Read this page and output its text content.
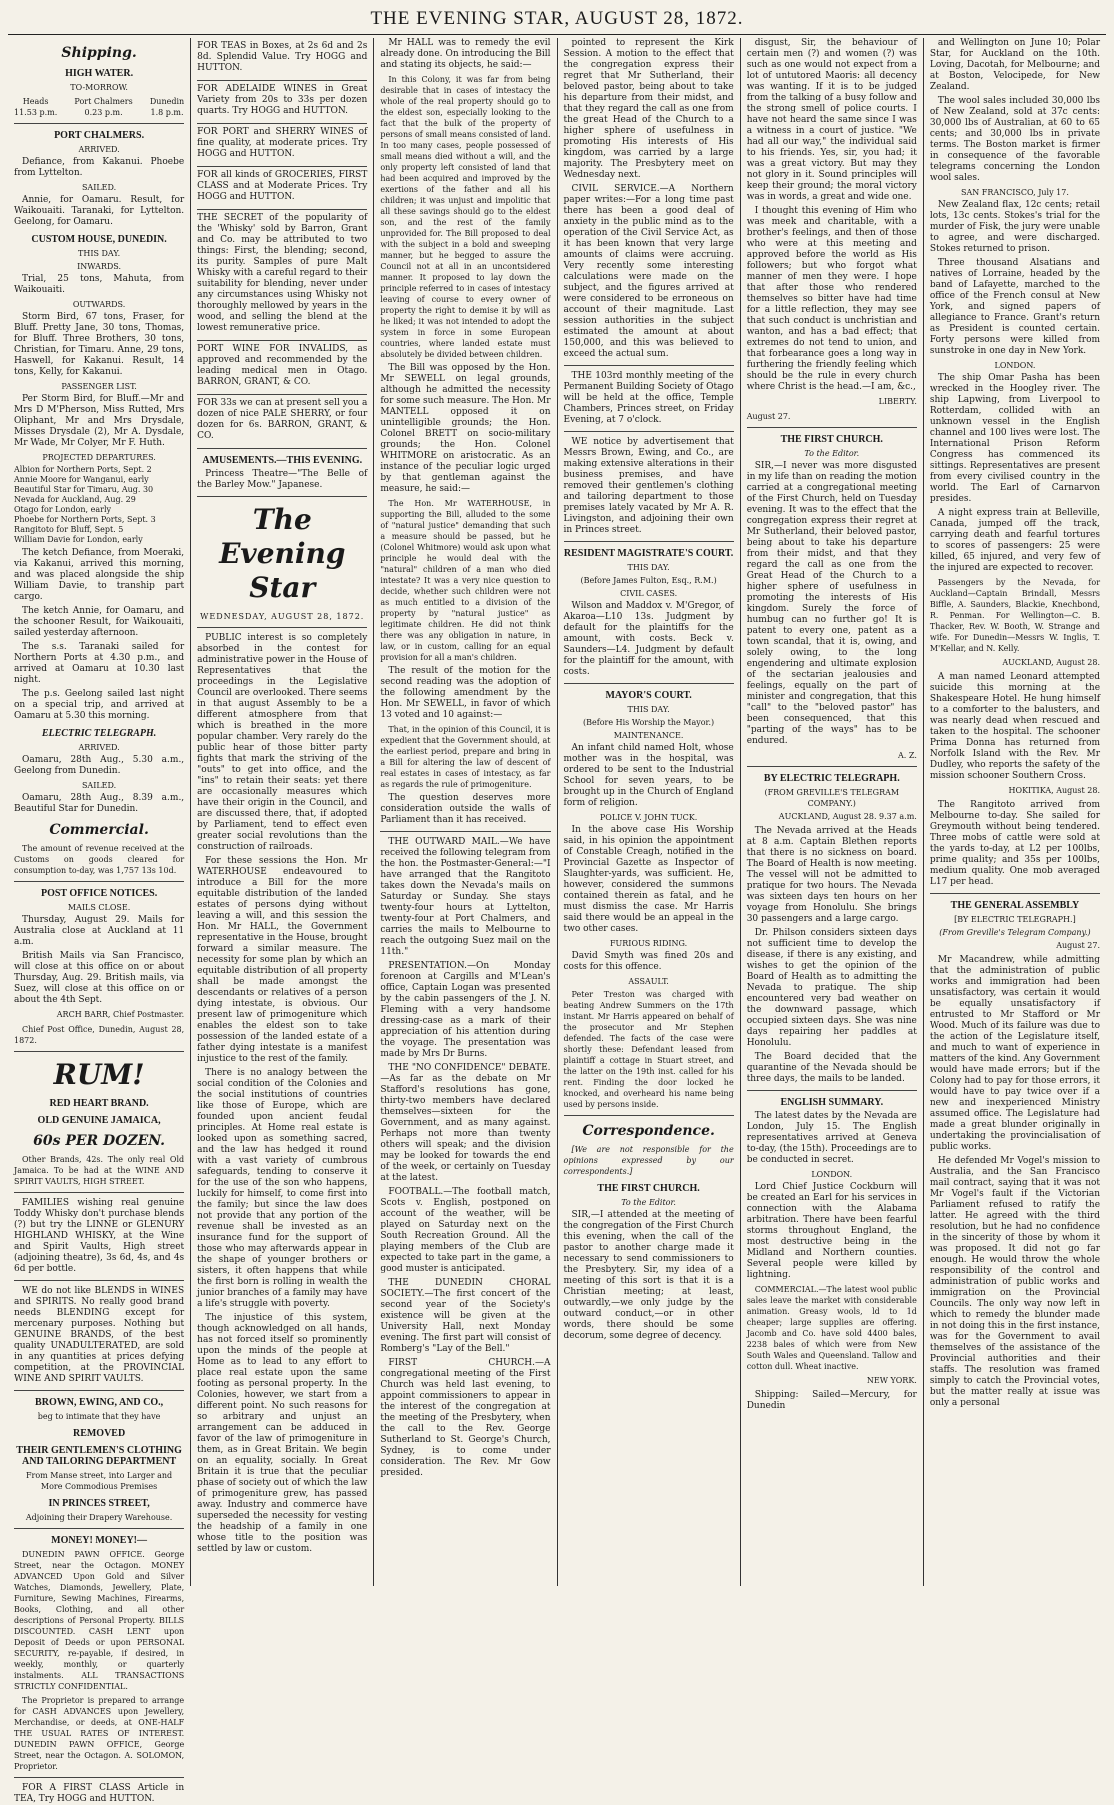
THE EVENING STAR, AUGUST 28, 1872.
Shipping.
HIGH WATER.
TO-MORROW.
Heads
11.53 p.m.
Port Chalmers
0.23 p.m.
Dunedin
1.8 p.m.
PORT CHALMERS.
ARRIVED.

Defiance, from Kakanui. Phoebe from Lyttelton.

SAILED.

Annie, for Oamaru. Result, for Waikouaiti. Taranaki, for Lyttelton. Geelong, for Oamaru.

CUSTOM HOUSE, DUNEDIN.
THIS DAY.
INWARDS.

Trial, 25 tons, Mahuta, from Waikouaiti.

OUTWARDS.

Storm Bird, 67 tons, Fraser, for Bluff. Pretty Jane, 30 tons, Thomas, for Bluff. Three Brothers, 30 tons, Christian, for Timaru. Anne, 29 tons, Haswell, for Kakanui. Result, 14 tons, Kelly, for Kakanui.

PASSENGER LIST.

Per Storm Bird, for Bluff.—Mr and Mrs D M'Pherson, Miss Rutted, Mrs Oliphant, Mr and Mrs Drysdale, Misses Drysdale (2), Mr A. Dysdale, Mr Wade, Mr Colyer, Mr F. Huth.

PROJECTED DEPARTURES.
Albion for Northern Ports, Sept. 2
Annie Moore for Wanganui, early
Beautiful Star for Timaru, Aug. 30
Nevada for Auckland, Aug. 29
Otago for London, early
Phoebe for Northern Ports, Sept. 3
Rangitoto for Bluff, Sept. 5
William Davie for London, early

The ketch Defiance, from Moeraki, via Kakanui, arrived this morning, and was placed alongside the ship William Davie, to tranship part cargo.

The ketch Annie, for Oamaru, and the schooner Result, for Waikouaiti, sailed yesterday afternoon.

The s.s. Taranaki sailed for Northern Ports at 4.30 p.m., and arrived at Oamaru at 10.30 last night.

The p.s. Geelong sailed last night on a special trip, and arrived at Oamaru at 5.30 this morning.

ELECTRIC TELEGRAPH.
ARRIVED.

Oamaru, 28th Aug., 5.30 a.m., Geelong from Dunedin.

SAILED.

Oamaru, 28th Aug., 8.39 a.m., Beautiful Star for Dunedin.

Commercial.

The amount of revenue received at the Customs on goods cleared for consumption to-day, was 1,757 13s 10d.

POST OFFICE NOTICES.
MAILS CLOSE.

Thursday, August 29. Mails for Australia close at Auckland at 11 a.m.

British Mails via San Francisco, will close at this office on or about Thursday, Aug. 29. British mails, via Suez, will close at this office on or about the 4th Sept.

ARCH BARR, Chief Postmaster.

Chief Post Office, Dunedin, August 28, 1872.

RUM!
RED HEART BRAND.
OLD GENUINE JAMAICA,
60s PER DOZEN.

Other Brands, 42s. The only real Old Jamaica. To be had at the WINE AND SPIRIT VAULTS, HIGH STREET.

FAMILIES wishing real genuine Toddy Whisky don't purchase blends (?) but try the LINNE or GLENURY HIGHLAND WHISKY, at the Wine and Spirit Vaults, High street (adjoining theatre), 3s 6d, 4s, and 4s 6d per bottle.

WE do not like BLENDS in WINES and SPIRITS. No really good brand needs BLENDING except for mercenary purposes. Nothing but GENUINE BRANDS, of the best quality UNADULTERATED, are sold in any quantities at prices defying competition, at the PROVINCIAL WINE AND SPIRIT VAULTS.

BROWN, EWING, AND CO.,
beg to intimate that they have
REMOVED
THEIR GENTLEMEN'S CLOTHING AND TAILORING DEPARTMENT
From Manse street, into Larger and More Commodious Premises
IN PRINCES STREET,
Adjoining their Drapery Warehouse.
MONEY! MONEY!—

DUNEDIN PAWN OFFICE. George Street, near the Octagon. MONEY ADVANCED Upon Gold and Silver Watches, Diamonds, Jewellery, Plate, Furniture, Sewing Machines, Firearms, Books, Clothing, and all other descriptions of Personal Property. BILLS DISCOUNTED. CASH LENT upon Deposit of Deeds or upon PERSONAL SECURITY, re-payable, if desired, in weekly, monthly, or quarterly instalments. ALL TRANSACTIONS STRICTLY CONFIDENTIAL.

The Proprietor is prepared to arrange for CASH ADVANCES upon Jewellery, Merchandise, or deeds, at ONE-HALF THE USUAL RATES OF INTEREST. DUNEDIN PAWN OFFICE, George Street, near the Octagon. A. SOLOMON, Proprietor.

FOR A FIRST CLASS Article in TEA, Try HOGG and HUTTON.

FOR TEAS in Boxes, at 2s 6d and 2s 8d. Splendid Value. Try HOGG and HUTTON.

FOR ADELAIDE WINES in Great Variety from 20s to 33s per dozen quarts. Try HOGG and HUTTON.

FOR PORT and SHERRY WINES of fine quality, at moderate prices. Try HOGG and HUTTON.

FOR all kinds of GROCERIES, FIRST CLASS and at Moderate Prices. Try HOGG and HUTTON.

THE SECRET of the popularity of the 'Whisky' sold by Barron, Grant and Co. may be attributed to two things: First, the blending; second, its purity. Samples of pure Malt Whisky with a careful regard to their suitability for blending, never under any circumstances using Whisky not thoroughly mellowed by years in the wood, and selling the blend at the lowest remunerative price.

PORT WINE FOR INVALIDS, as approved and recommended by the leading medical men in Otago. BARRON, GRANT, & CO.

FOR 33s we can at present sell you a dozen of nice PALE SHERRY, or four dozen for 6s. BARRON, GRANT, & CO.

AMUSEMENTS.—THIS EVENING.

Princess Theatre—"The Belle of the Barley Mow." Japanese.

The Evening Star
WEDNESDAY, AUGUST 28, 1872.

PUBLIC interest is so completely absorbed in the contest for administrative power in the House of Representatives that the proceedings in the Legislative Council are overlooked. There seems in that august Assembly to be a different atmosphere from that which is breathed in the more popular chamber. Very rarely do the public hear of those bitter party fights that mark the striving of the "outs" to get into office, and the "ins" to retain their seats: yet there are occasionally measures which have their origin in the Council, and are discussed there, that, if adopted by Parliament, tend to effect even greater social revolutions than the construction of railroads.

For these sessions the Hon. Mr WATERHOUSE endeavoured to introduce a Bill for the more equitable distribution of the landed estates of persons dying without leaving a will, and this session the Hon. Mr HALL, the Government representative in the House, brought forward a similar measure. The necessity for some plan by which an equitable distribution of all property shall be made amongst the descendants or relatives of a person dying intestate, is obvious. Our present law of primogeniture which enables the eldest son to take possession of the landed estate of a father dying intestate is a manifest injustice to the rest of the family.

There is no analogy between the social condition of the Colonies and the social institutions of countries like those of Europe, which are founded upon ancient feudal principles. At Home real estate is looked upon as something sacred, and the law has hedged it round with a vast variety of cumbrous safeguards, tending to conserve it for the use of the son who happens, luckily for himself, to come first into the family; but since the law does not provide that any portion of the revenue shall be invested as an insurance fund for the support of those who may afterwards appear in the shape of younger brothers or sisters, it often happens that while the first born is rolling in wealth the junior branches of a family may have a life's struggle with poverty.

The injustice of this system, though acknowledged on all hands, has not forced itself so prominently upon the minds of the people at Home as to lead to any effort to place real estate upon the same footing as personal property. In the Colonies, however, we start from a different point. No such reasons for so arbitrary and unjust an arrangement can be adduced in favor of the law of primogeniture in them, as in Great Britain. We begin on an equality, socially. In Great Britain it is true that the peculiar phase of society out of which the law of primogeniture grew, has passed away. Industry and commerce have superseded the necessity for vesting the headship of a family in one whose title to the position was settled by law or custom.

Mr HALL was to remedy the evil already done. On introducing the Bill and stating its objects, he said:—

In this Colony, it was far from being desirable that in cases of intestacy the whole of the real property should go to the eldest son, especially looking to the fact that the bulk of the property of persons of small means consisted of land. In too many cases, people possessed of small means died without a will, and the only property left consisted of land that had been acquired and improved by the exertions of the father and all his children; it was unjust and impolitic that all these savings should go to the eldest son, and the rest of the family unprovided for. The Bill proposed to deal with the subject in a bold and sweeping manner, but he begged to assure the Council not at all in an uncontsidered manner. It proposed to lay down the principle referred to in cases of intestacy leaving of course to every owner of property the right to demise it by will as he liked; it was not intended to adopt the system in force in some European countries, where landed estate must absolutely be divided between children.

The Bill was opposed by the Hon. Mr SEWELL on legal grounds, although he admitted the necessity for some such measure. The Hon. Mr MANTELL opposed it on unintelligible grounds; the Hon. Colonel BRETT on socio-military grounds; the Hon. Colonel WHITMORE on aristocratic. As an instance of the peculiar logic urged by that gentleman against the measure, he said:—

The Hon. Mr WATERHOUSE, in supporting the Bill, alluded to the some of "natural justice" demanding that such a measure should be passed, but he (Colonel Whitmore) would ask upon what principle he would deal with the "natural" children of a man who died intestate? It was a very nice question to decide, whether such children were not as much entitled to a division of the property by "natural justice" as legitimate children. He did not think there was any obligation in nature, in law, or in custom, calling for an equal provision for all a man's children.

The result of the motion for the second reading was the adoption of the following amendment by the Hon. Mr SEWELL, in favor of which 13 voted and 10 against:—

That, in the opinion of this Council, it is expedient that the Government should, at the earliest period, prepare and bring in a Bill for altering the law of descent of real estates in cases of intestacy, as far as regards the rule of primogeniture.

The question deserves more consideration outside the walls of Parliament than it has received.

THE OUTWARD MAIL.—We have received the following telegram from the hon. the Postmaster-General:—"I have arranged that the Rangitoto takes down the Nevada's mails on Saturday or Sunday. She stays twenty-four hours at Lyttelton, twenty-four at Port Chalmers, and carries the mails to Melbourne to reach the outgoing Suez mail on the 11th."

PRESENTATION.—On Monday forenoon at Cargills and M'Lean's office, Captain Logan was presented by the cabin passengers of the J. N. Fleming with a very handsome dressing-case as a mark of their appreciation of his attention during the voyage. The presentation was made by Mrs Dr Burns.

THE "NO CONFIDENCE" DEBATE.—As far as the debate on Mr Stafford's resolutions has gone, thirty-two members have declared themselves—sixteen for the Government, and as many against. Perhaps not more than twenty others will speak; and the division may be looked for towards the end of the week, or certainly on Tuesday at the latest.

FOOTBALL.—The football match, Scots v. English, postponed on account of the weather, will be played on Saturday next on the South Recreation Ground. All the playing members of the Club are expected to take part in the game, a good muster is anticipated.

THE DUNEDIN CHORAL SOCIETY.—The first concert of the second year of the Society's existence will be given at the University Hall, next Monday evening. The first part will consist of Romberg's "Lay of the Bell."

FIRST CHURCH.—A congregational meeting of the First Church was held last evening, to appoint commissioners to appear in the interest of the congregation at the meeting of the Presbytery, when the call to the Rev. George Sutherland to St. George's Church, Sydney, is to come under consideration. The Rev. Mr Gow presided.

pointed to represent the Kirk Session. A motion to the effect that the congregation express their regret that Mr Sutherland, their beloved pastor, being about to take his departure from their midst, and that they regard the call as one from the great Head of the Church to a higher sphere of usefulness in promoting His interests of His kingdom, was carried by a large majority. The Presbytery meet on Wednesday next.

CIVIL SERVICE.—A Northern paper writes:—For a long time past there has been a good deal of anxiety in the public mind as to the operation of the Civil Service Act, as it has been known that very large amounts of claims were accruing. Very recently some interesting calculations were made on the subject, and the figures arrived at were considered to be erroneous on account of their magnitude. Last session authorities in the subject estimated the amount at about 150,000, and this was believed to exceed the actual sum.

THE 103rd monthly meeting of the Permanent Building Society of Otago will be held at the office, Temple Chambers, Princes street, on Friday Evening, at 7 o'clock.

WE notice by advertisement that Messrs Brown, Ewing, and Co., are making extensive alterations in their business premises, and have removed their gentlemen's clothing and tailoring department to those premises lately vacated by Mr A. R. Livingston, and adjoining their own in Princes street.

RESIDENT MAGISTRATE'S COURT.
THIS DAY.
(Before James Fulton, Esq., R.M.)
CIVIL CASES.

Wilson and Maddox v. M'Gregor, of Akaroa—L10 13s. Judgment by default for the plaintiffs for the amount, with costs. Beck v. Saunders—L4. Judgment by default for the plaintiff for the amount, with costs.

MAYOR'S COURT.
THIS DAY.
(Before His Worship the Mayor.)
MAINTENANCE.

An infant child named Holt, whose mother was in the hospital, was ordered to be sent to the Industrial School for seven years, to be brought up in the Church of England form of religion.

POLICE V. JOHN TUCK.

In the above case His Worship said, in his opinion the appointment of Constable Creagh, notified in the Provincial Gazette as Inspector of Slaughter-yards, was sufficient. He, however, considered the summons contained therein as fatal, and he must dismiss the case. Mr Harris said there would be an appeal in the two other cases.

FURIOUS RIDING.

David Smyth was fined 20s and costs for this offence.

ASSAULT.

Peter Treston was charged with beating Andrew Summers on the 17th instant. Mr Harris appeared on behalf of the prosecutor and Mr Stephen defended. The facts of the case were shortly these: Defendant leased from plaintiff a cottage in Stuart street, and the latter on the 19th inst. called for his rent. Finding the door locked he knocked, and overheard his name being used by persons inside.

Correspondence.

[We are not responsible for the opinions expressed by our correspondents.]

THE FIRST CHURCH.
To the Editor.

SIR,—I attended at the meeting of the congregation of the First Church this evening, when the call of the pastor to another charge made it necessary to send commissioners to the Presbytery. Sir, my idea of a meeting of this sort is that it is a Christian meeting; at least, outwardly,—we only judge by the outward conduct,—or in other words, there should be some decorum, some degree of decency.

disgust, Sir, the behaviour of certain men (?) and women (?) was such as one would not expect from a lot of untutored Maoris: all decency was wanting. If it is to be judged from the talking of a busy follow and the strong smell of police courts. I have not heard the same since I was a witness in a court of justice. "We had all our way," the individual said to his friends. Yes, sir, you had; it was a great victory. But may they not glory in it. Sound principles will keep their ground; the moral victory was in words, a great and wide one.

I thought this evening of Him who was meek and charitable, with a brother's feelings, and then of those who were at this meeting and approved before the world as His followers; but who forgot what manner of men they were. I hope that after those who rendered themselves so bitter have had time for a little reflection, they may see that such conduct is unchristian and wanton, and has a bad effect; that extremes do not tend to union, and that forbearance goes a long way in furthering the friendly feeling which should be the rule in every church where Christ is the head.—I am, &c.,

LIBERTY.
August 27.
THE FIRST CHURCH.
To the Editor.

SIR,—I never was more disgusted in my life than on reading the motion carried at a congregational meeting of the First Church, held on Tuesday evening. It was to the effect that the congregation express their regret at Mr Sutherland, their beloved pastor, being about to take his departure from their midst, and that they regard the call as one from the Great Head of the Church to a higher sphere of usefulness in promoting the interests of His kingdom. Surely the force of humbug can no further go! It is patent to every one, patent as a town scandal, that it is, owing, and solely owing, to the long engendering and ultimate explosion of the sectarian jealousies and feelings, equally on the part of minister and congregation, that this "call" to the "beloved pastor" has been consequenced, that this "parting of the ways" has to be endured.

A. Z.
BY ELECTRIC TELEGRAPH.
(FROM GREVILLE'S TELEGRAM COMPANY.)
AUCKLAND, August 28. 9.37 a.m.

The Nevada arrived at the Heads at 8 a.m. Captain Blethen reports that there is no sickness on board. The Board of Health is now meeting. The vessel will not be admitted to pratique for two hours. The Nevada was sixteen days ten hours on her voyage from Honolulu. She brings 30 passengers and a large cargo.

Dr. Philson considers sixteen days not sufficient time to develop the disease, if there is any existing, and wishes to get the opinion of the Board of Health as to admitting the Nevada to pratique. The ship encountered very bad weather on the downward passage, which occupied sixteen days. She was nine days repairing her paddles at Honolulu.

The Board decided that the quarantine of the Nevada should be three days, the mails to be landed.

ENGLISH SUMMARY.

The latest dates by the Nevada are London, July 15. The English representatives arrived at Geneva to-day, (the 15th). Proceedings are to be conducted in secret.

LONDON.

Lord Chief Justice Cockburn will be created an Earl for his services in connection with the Alabama arbitration. There have been fearful storms throughout England, the most destructive being in the Midland and Northern counties. Several people were killed by lightning.

COMMERCIAL.—The latest wool public sales leave the market with considerable animation. Greasy wools, ld to 1d cheaper; large supplies are offering. Jacomb and Co. have sold 4400 bales, 2238 bales of which were from New South Wales and Queensland. Tallow and cotton dull. Wheat inactive.

NEW YORK.

Shipping: Sailed—Mercury, for Dunedin

and Wellington on June 10; Polar Star, for Auckland on the 10th. Loving, Dacotah, for Melbourne; and at Boston, Velocipede, for New Zealand.

The wool sales included 30,000 lbs of New Zealand, sold at 37c cents: 30,000 lbs of Australian, at 60 to 65 cents; and 30,000 lbs in private terms. The Boston market is firmer in consequence of the favorable telegrams concerning the London wool sales.

SAN FRANCISCO, July 17.

New Zealand flax, 12c cents; retail lots, 13c cents. Stokes's trial for the murder of Fisk, the jury were unable to agree, and were discharged. Stokes returned to prison.

Three thousand Alsatians and natives of Lorraine, headed by the band of Lafayette, marched to the office of the French consul at New York, and signed papers of allegiance to France. Grant's return as President is counted certain. Forty persons were killed from sunstroke in one day in New York.

LONDON.

The ship Omar Pasha has been wrecked in the Hoogley river. The ship Lapwing, from Liverpool to Rotterdam, collided with an unknown vessel in the English channel and 100 lives were lost. The International Prison Reform Congress has commenced its sittings. Representatives are present from every civilised country in the world. The Earl of Carnarvon presides.

A night express train at Belleville, Canada, jumped off the track, carrying death and fearful tortures to scores of passengers: 25 were killed, 65 injured, and very few of the injured are expected to recover.

Passengers by the Nevada, for Auckland—Captain Brindall, Messrs Biffle, A. Saunders, Blackie, Knechbond, R. Penman. For Wellington—C. B. Thacker, Rev. W. Booth, W. Strange and wife. For Dunedin—Messrs W. Inglis, T. M'Kellar, and N. Kelly.

AUCKLAND, August 28.

A man named Leonard attempted suicide this morning at the Shakespeare Hotel. He hung himself to a comforter to the balusters, and was nearly dead when rescued and taken to the hospital. The schooner Prima Donna has returned from Norfolk Island with the Rev. Mr Dudley, who reports the safety of the mission schooner Southern Cross.

HOKITIKA, August 28.

The Rangitoto arrived from Melbourne to-day. She sailed for Greymouth without being tendered. Three mobs of cattle were sold at the yards to-day, at L2 per 100lbs, prime quality; and 35s per 100lbs, medium quality. One mob averaged L17 per head.

THE GENERAL ASSEMBLY
[BY ELECTRIC TELEGRAPH.]
(From Greville's Telegram Company.)
August 27.

Mr Macandrew, while admitting that the administration of public works and immigration had been unsatisfactory, was certain it would be equally unsatisfactory if entrusted to Mr Stafford or Mr Wood. Much of its failure was due to the action of the Legislature itself, and much to want of experience in matters of the kind. Any Government would have made errors; but if the Colony had to pay for those errors, it would have to pay twice over if a new and inexperienced Ministry assumed office. The Legislature had made a great blunder originally in undertaking the provincialisation of public works.

He defended Mr Vogel's mission to Australia, and the San Francisco mail contract, saying that it was not Mr Vogel's fault if the Victorian Parliament refused to ratify the latter. He agreed with the third resolution, but he had no confidence in the sincerity of those by whom it was proposed. It did not go far enough. He would throw the whole responsibility of the control and administration of public works and immigration on the Provincial Councils. The only way now left in which to remedy the blunder made in not doing this in the first instance, was for the Government to avail themselves of the assistance of the Provincial authorities and their staffs. The resolution was framed simply to catch the Provincial votes, but the matter really at issue was only a personal
